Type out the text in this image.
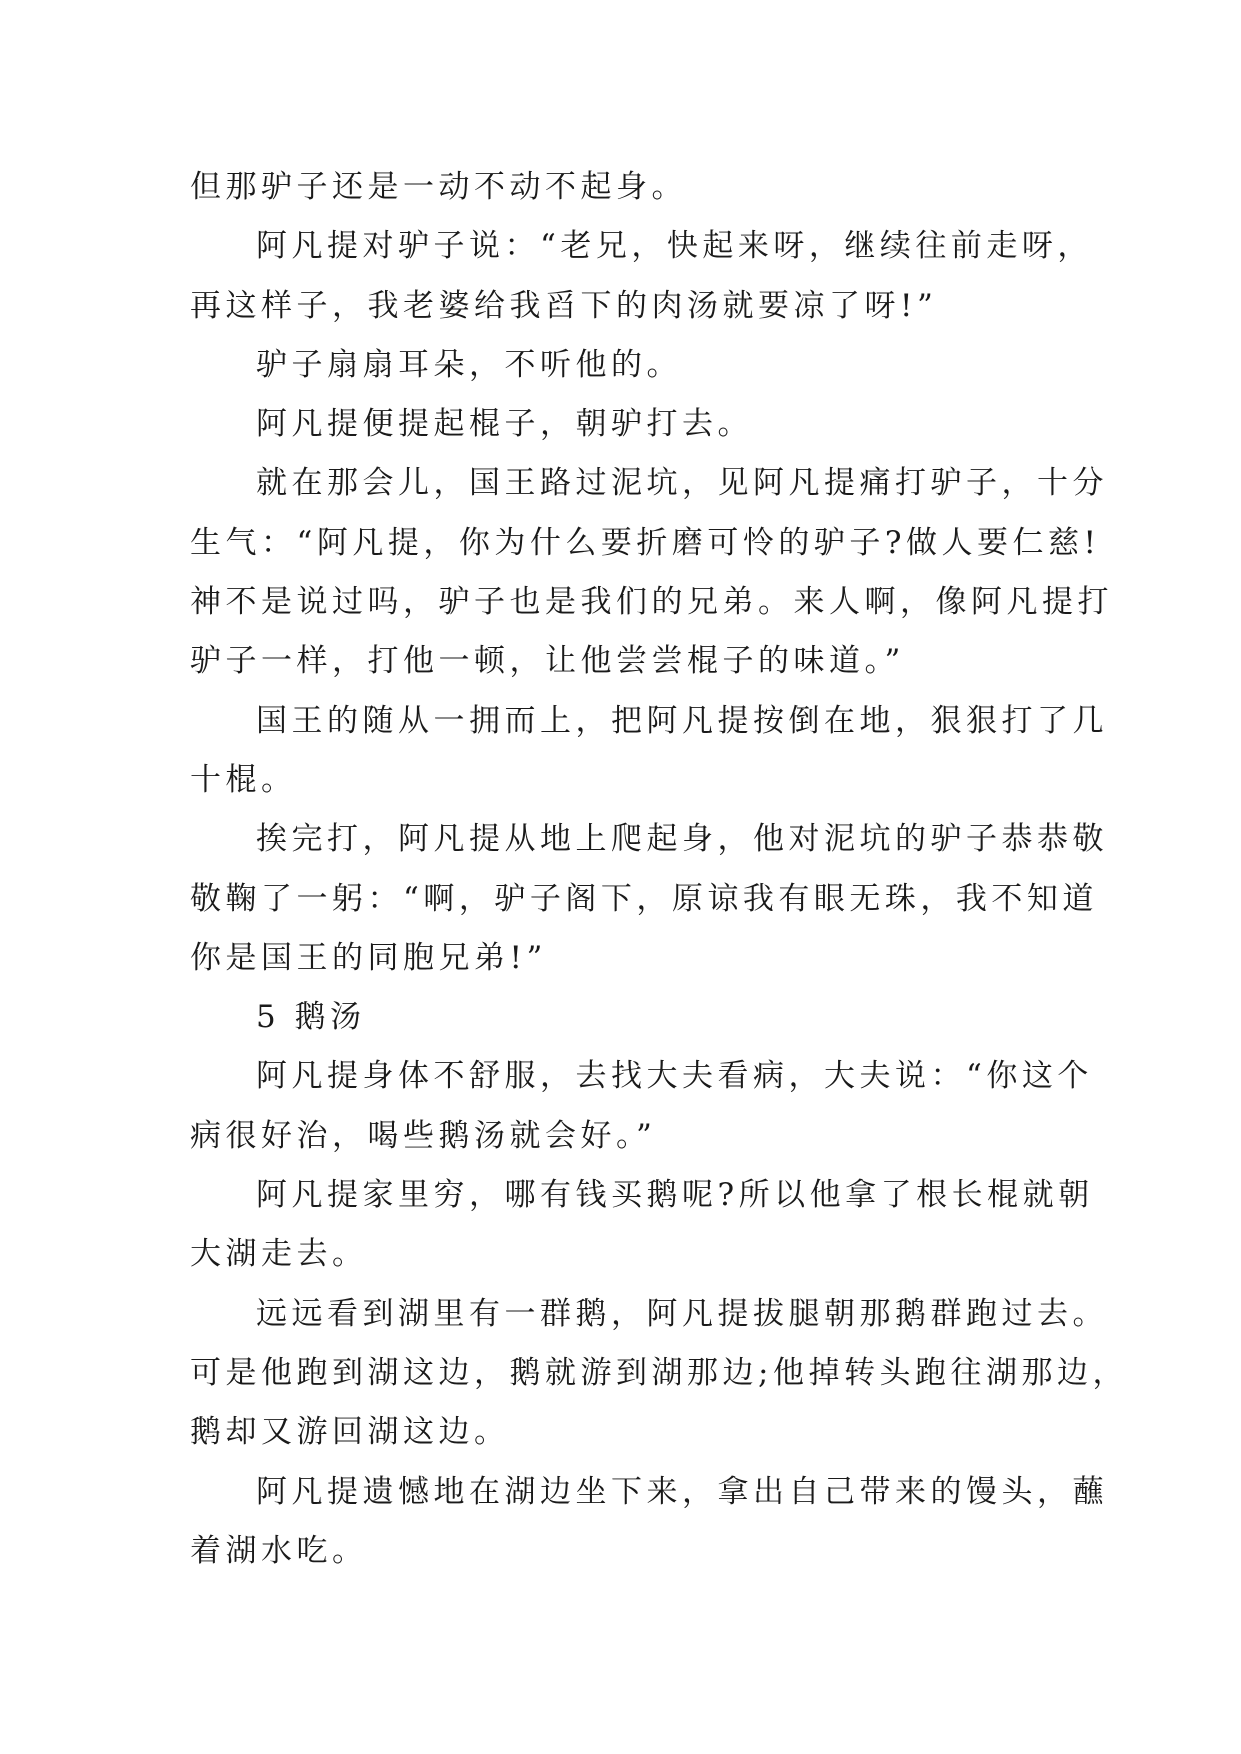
但那驴子还是一动不动不起身。
阿凡提对驴子说：“老兄，快起来呀，继续往前走呀，
再这样子，我老婆给我舀下的肉汤就要凉了呀!”
驴子扇扇耳朵，不听他的。
阿凡提便提起棍子，朝驴打去。
就在那会儿，国王路过泥坑，见阿凡提痛打驴子，十分
生气：“阿凡提，你为什么要折磨可怜的驴子?做人要仁慈!
神不是说过吗，驴子也是我们的兄弟。来人啊，像阿凡提打
驴子一样，打他一顿，让他尝尝棍子的味道。”
国王的随从一拥而上，把阿凡提按倒在地，狠狠打了几
十棍。
挨完打，阿凡提从地上爬起身，他对泥坑的驴子恭恭敬
敬鞠了一躬：“啊，驴子阁下，原谅我有眼无珠，我不知道
你是国王的同胞兄弟!”
5 鹅汤
阿凡提身体不舒服，去找大夫看病，大夫说：“你这个
病很好治，喝些鹅汤就会好。”
阿凡提家里穷，哪有钱买鹅呢?所以他拿了根长棍就朝
大湖走去。
远远看到湖里有一群鹅，阿凡提拔腿朝那鹅群跑过去。
可是他跑到湖这边，鹅就游到湖那边;他掉转头跑往湖那边，
鹅却又游回湖这边。
阿凡提遗憾地在湖边坐下来，拿出自己带来的馒头，蘸
着湖水吃。
